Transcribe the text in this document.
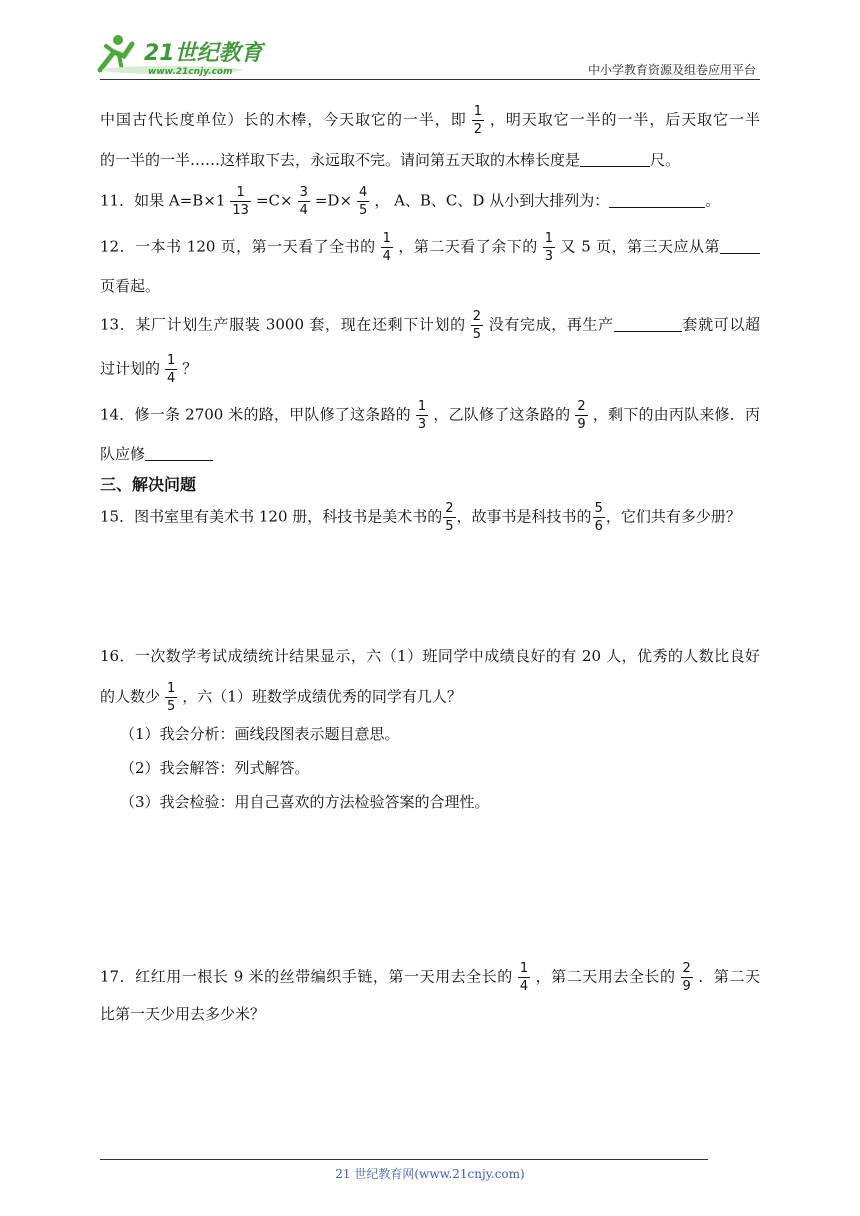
21世纪教育
www.21cnjy.com	中小学教育资源及组卷应用平台
中国古代长度单位）长的木棒，今天取它的一半，即 $\frac{1}{2}$ ，明天取它一半的一半，后天取它一半
的一半的一半……这样取下去，永远取不完。请问第五天取的木棒长度是	尺。
11．如果 $A=B\times 1 \frac{1}{13} =C\times \frac{3}{4} =D\times \frac{4}{5}$ ， A、B、C、D 从小到大排列为：	。
12．一本书 120 页，第一天看了全书的 $\frac{1}{4}$ ，第二天看了余下的 $\frac{1}{3}$ 又 5 页，第三天应从第
页看起。
13．某厂计划生产服装 3000 套，现在还剩下计划的 $\frac{2}{5}$ 没有完成，再生产	套就可以超
过计划的 $\frac{1}{4}$ ？
14．修一条 2700 米的路，甲队修了这条路的 $\frac{1}{3}$ ，乙队修了这条路的 $\frac{2}{9}$ ，剩下的由丙队来修．丙
队应修
三、解决问题
15．图书室里有美术书 120 册，科技书是美术书的 $\frac{2}{5}$ ，故事书是科技书的 $\frac{5}{6}$ ，它们共有多少册？
16．一次数学考试成绩统计结果显示，六（1）班同学中成绩良好的有 20 人，优秀的人数比良好
的人数少 $\frac{1}{5}$ ，六（1）班数学成绩优秀的同学有几人？
（1）我会分析：画线段图表示题目意思。
（2）我会解答：列式解答。
（3）我会检验：用自己喜欢的方法检验答案的合理性。
17．红红用一根长 9 米的丝带编织手链，第一天用去全长的 $\frac{1}{4}$ ，第二天用去全长的 $\frac{2}{9}$ ．第二天
比第一天少用去多少米？
21 世纪教育网(www.21cnjy.com)
